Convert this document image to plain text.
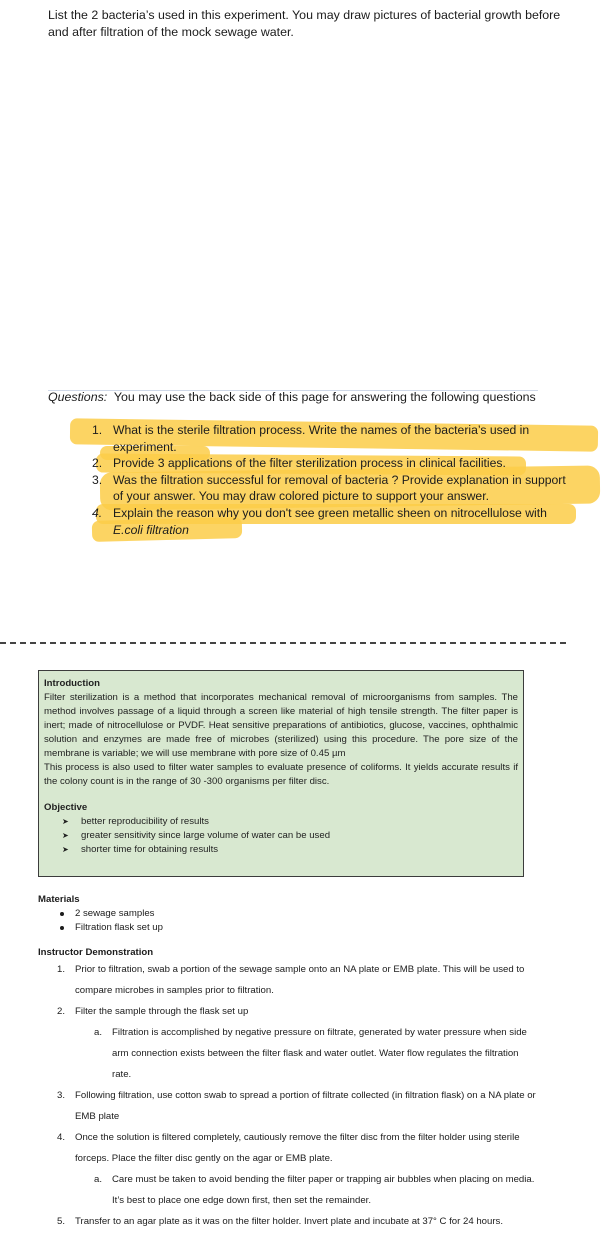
List the 2 bacteria’s used in this experiment. You may draw pictures of bacterial growth before and after filtration of the mock sewage water.
Questions: You may use the back side of this page for answering the following questions
1. What is the sterile filtration process. Write the names of the bacteria’s used in experiment.
2. Provide 3 applications of the filter sterilization process in clinical facilities.
3. Was the filtration successful for removal of bacteria ? Provide explanation in support of your answer. You may draw colored picture to support your answer.
4. Explain the reason why you don't see green metallic sheen on nitrocellulose with E.coli filtration
Introduction

Filter sterilization is a method that incorporates mechanical removal of microorganisms from samples. The method involves passage of a liquid through a screen like material of high tensile strength. The filter paper is inert; made of nitrocellulose or PVDF. Heat sensitive preparations of antibiotics, glucose, vaccines, ophthalmic solution and enzymes are made free of microbes (sterilized) using this procedure. The pore size of the membrane is variable; we will use membrane with pore size of 0.45 µm

This process is also used to filter water samples to evaluate presence of coliforms. It yields accurate results if the colony count is in the range of 30 -300 organisms per filter disc.

Objective
➤ better reproducibility of results
➤ greater sensitivity since large volume of water can be used
➤ shorter time for obtaining results
Materials
2 sewage samples
Filtration flask set up
Instructor Demonstration
1. Prior to filtration, swab a portion of the sewage sample onto an NA plate or EMB plate. This will be used to compare microbes in samples prior to filtration.
2. Filter the sample through the flask set up
a. Filtration is accomplished by negative pressure on filtrate, generated by water pressure when side arm connection exists between the filter flask and water outlet. Water flow regulates the filtration rate.
3. Following filtration, use cotton swab to spread a portion of filtrate collected (in filtration flask) on a NA plate or EMB plate
4. Once the solution is filtered completely, cautiously remove the filter disc from the filter holder using sterile forceps. Place the filter disc gently on the agar or EMB plate.
a. Care must be taken to avoid bending the filter paper or trapping air bubbles when placing on media. It’s best to place one edge down first, then set the remainder.
5. Transfer to an agar plate as it was on the filter holder. Invert plate and incubate at 37° C for 24 hours.
